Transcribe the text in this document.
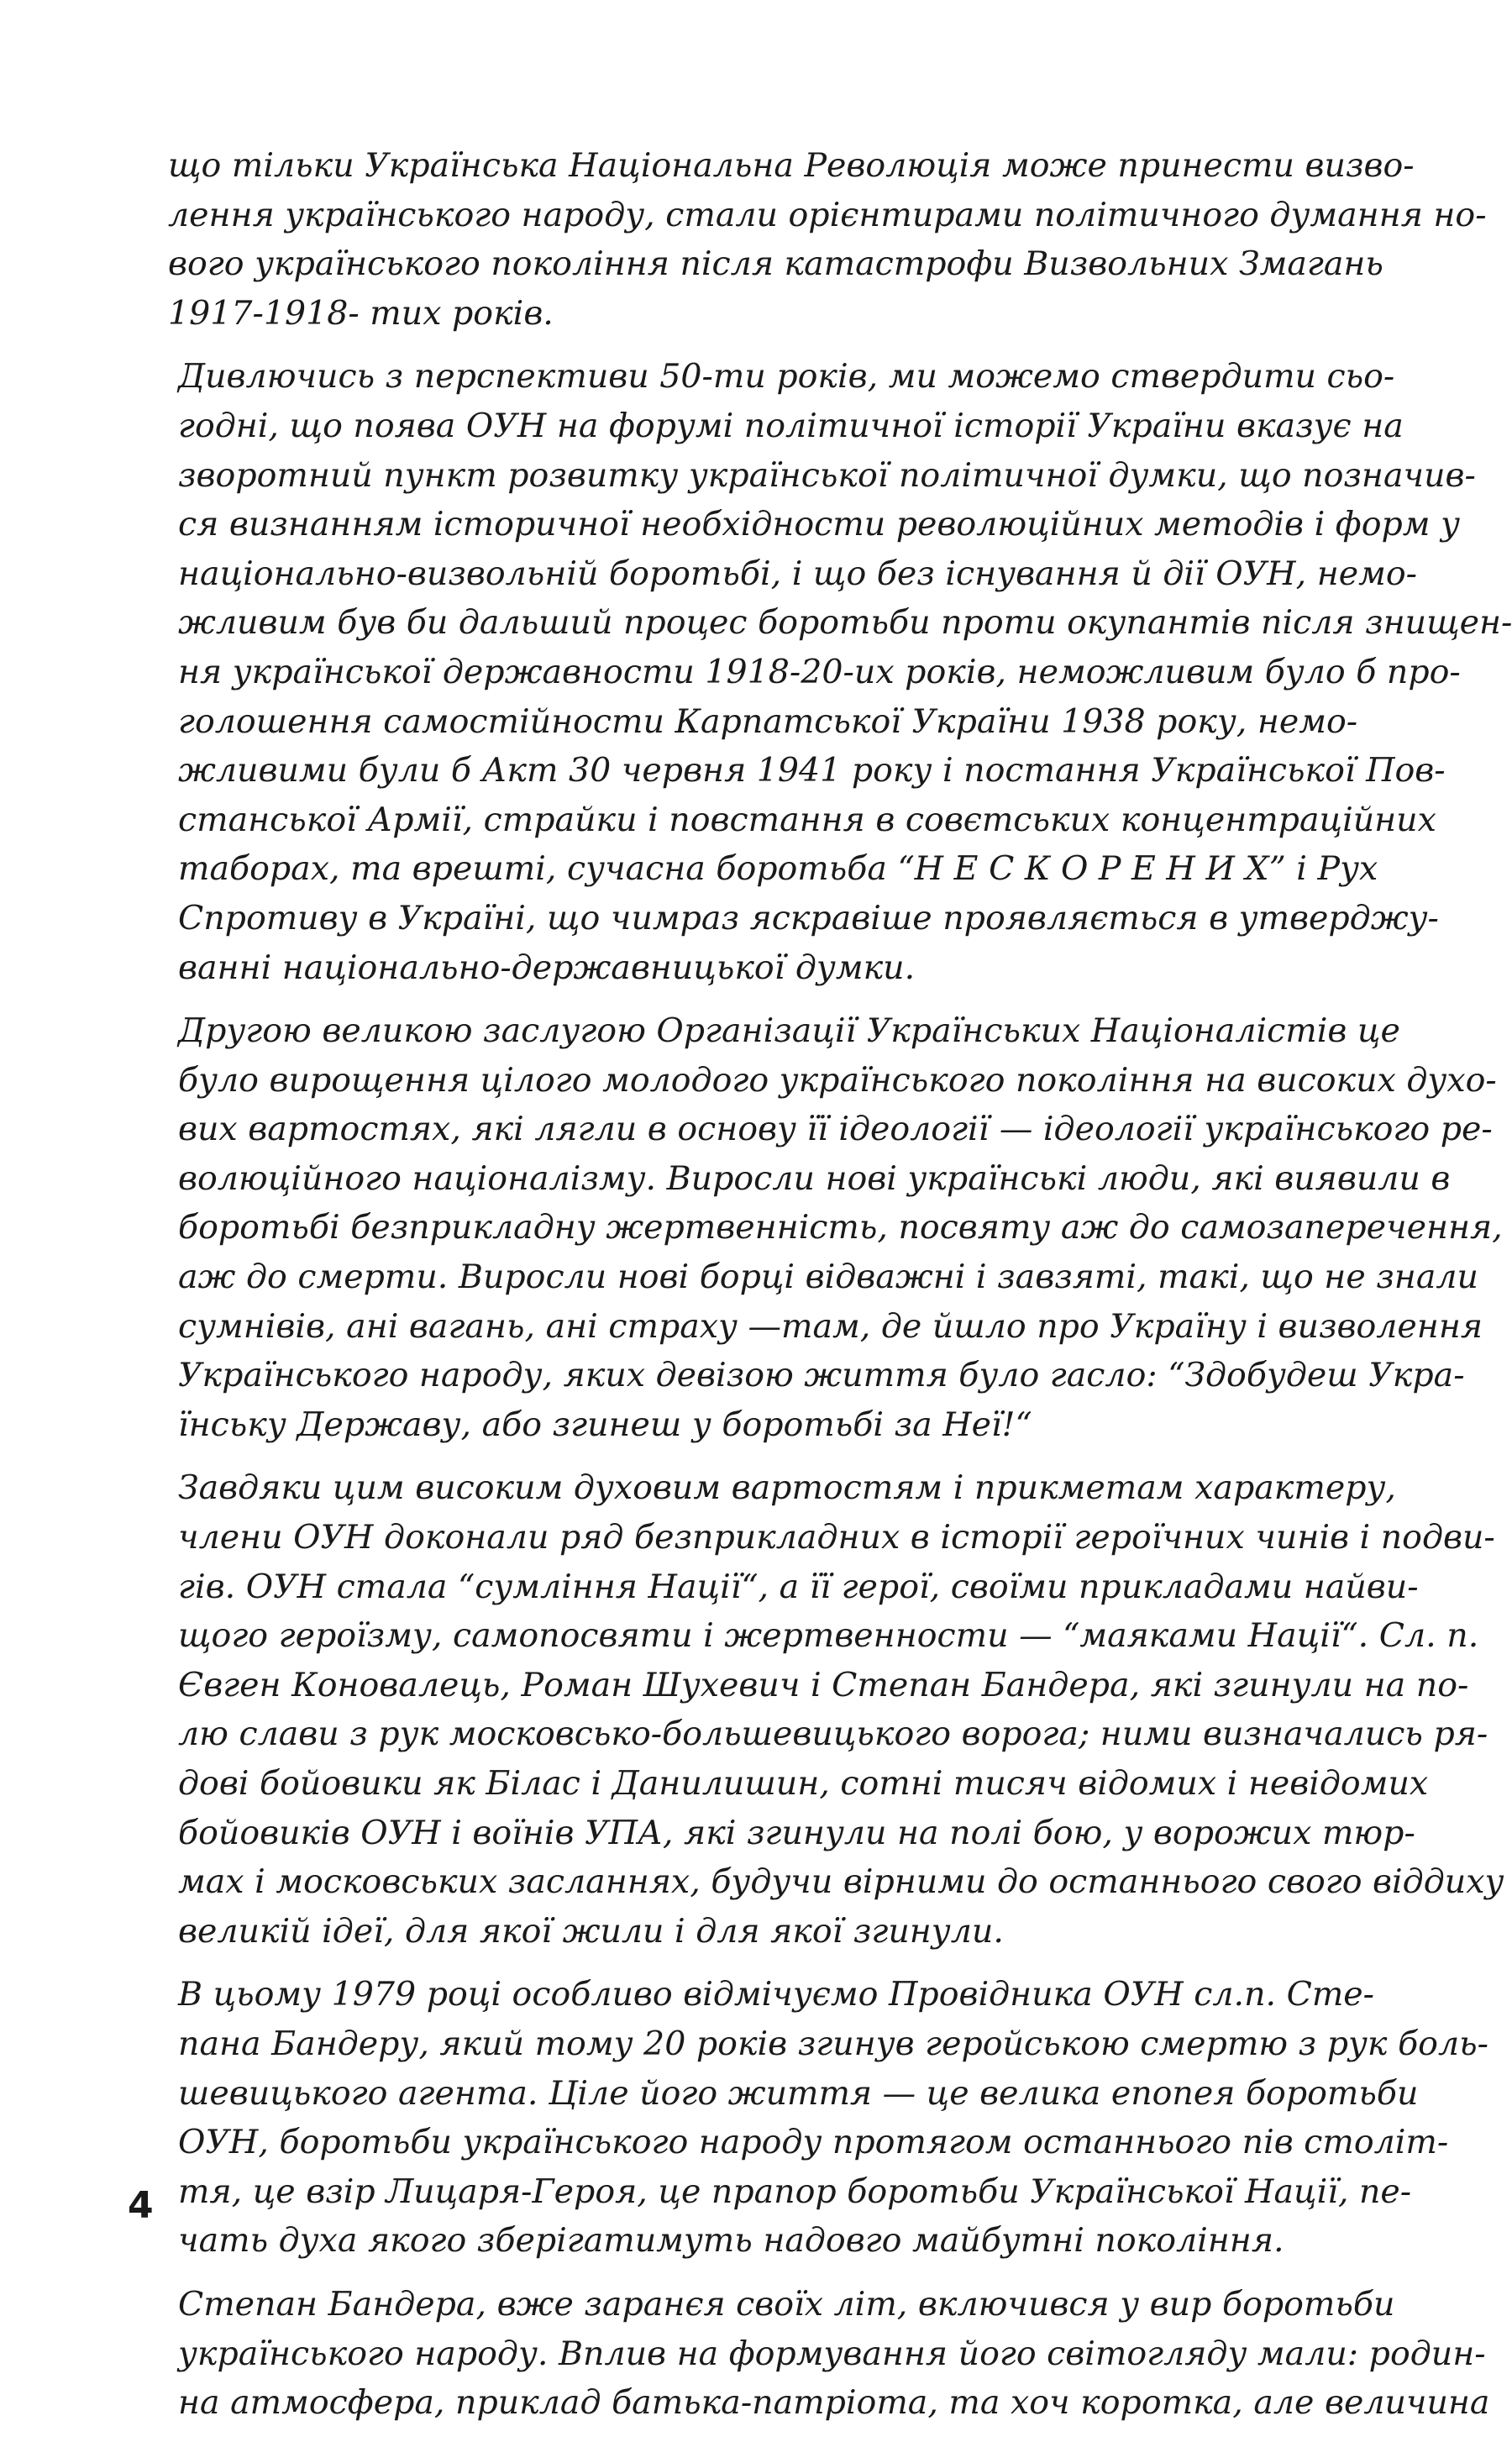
що тільки Українська Національна Революція може принести визво-
лення українського народу, стали орієнтирами політичного думання но-
вого українського покоління після катастрофи Визвольних Змагань
1917-1918- тих років.

Дивлючись з перспективи 50-ти років, ми можемо ствердити сьо-
годні, що поява ОУН на форумі політичної історії України вказує на
зворотний пункт розвитку української політичної думки, що позначив-
ся визнанням історичної необхідности революційних методів і форм у
національно-визвольній боротьбі, і що без існування й дії ОУН, немо-
жливим був би дальший процес боротьби проти окупантів після знищен-
ня української державности 1918-20-их років, неможливим було б про-
голошення самостійности Карпатської України 1938 року, немо-
жливими були б Акт 30 червня 1941 року і постання Української Пов-
станської Армії, страйки і повстання в совєтських концентраційних
таборах, та врешті, сучасна боротьба “Н Е С К О Р Е Н И Х” і Рух
Спротиву в Україні, що чимраз яскравіше проявляється в утверджу-
ванні національно-державницької думки.

Другою великою заслугою Організації Українських Націоналістів це
було вирощення цілого молодого українського покоління на високих духо-
вих вартостях, які лягли в основу її ідеології — ідеології українського ре-
волюційного націоналізму. Виросли нові українські люди, які виявили в
боротьбі безприкладну жертвенність, посвяту аж до самозаперечення,
аж до смерти. Виросли нові борці відважні і завзяті, такі, що не знали
сумнівів, ані вагань, ані страху —там, де йшло про Україну і визволення
Українського народу, яких девізою життя було гасло: “Здобудеш Укра-
їнську Державу, або згинеш у боротьбі за Неї!“

Завдяки цим високим духовим вартостям і прикметам характеру,
члени ОУН доконали ряд безприкладних в історії героїчних чинів і подви-
гів. ОУН стала “сумління Нації“, а її герої, своїми прикладами найви-
щого героїзму, самопосвяти і жертвенности — “маяками Нації“. Сл. п.
Євген Коновалець, Роман Шухевич і Степан Бандера, які згинули на по-
лю слави з рук московсько-большевицького ворога; ними визначались ря-
дові бойовики як Білас і Данилишин, сотні тисяч відомих і невідомих
бойовиків ОУН і воїнів УПА, які згинули на полі бою, у ворожих тюр-
мах і московських засланнях, будучи вірними до останнього свого віддиху
великій ідеї, для якої жили і для якої згинули.

В цьому 1979 році особливо відмічуємо Провідника ОУН сл.п. Сте-
пана Бандеру, який тому 20 років згинув геройською смертю з рук боль-
шевицького агента. Ціле його життя — це велика епопея боротьби
ОУН, боротьби українського народу протягом останнього пів століт-
тя, це взір Лицаря-Героя, це прапор боротьби Української Нації, пе-
чать духа якого зберігатимуть надовго майбутні покоління.

Степан Бандера, вже заранєя своїх літ, включився у вир боротьби
українського народу. Вплив на формування його світогляду мали: родин-
на атмосфера, приклад батька-патріота, та хоч коротка, але величина

4
